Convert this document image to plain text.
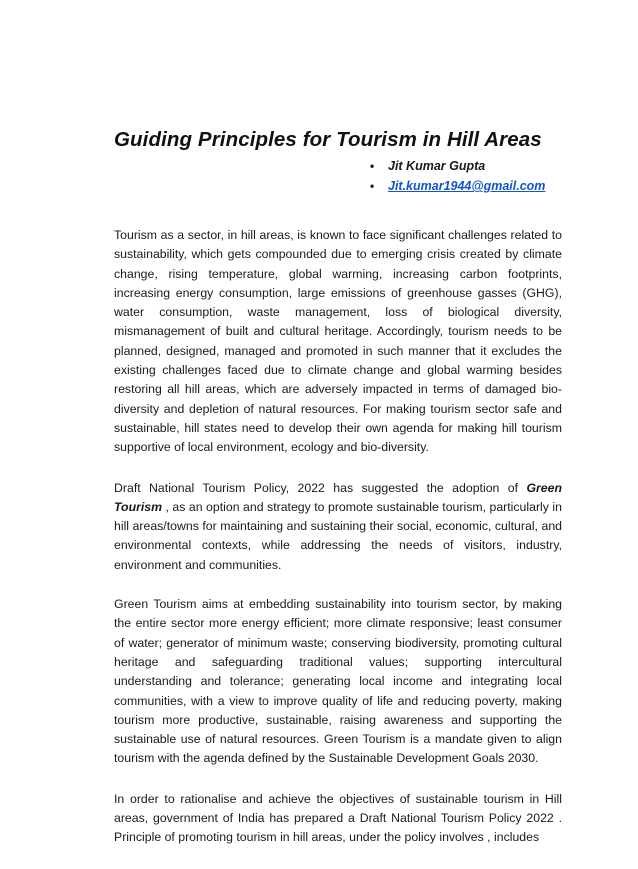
Guiding Principles for Tourism in Hill Areas
• Jit Kumar Gupta
• Jit.kumar1944@gmail.com

Tourism as a sector, in hill areas, is known to face significant challenges related to sustainability, which gets compounded due to emerging crisis created by climate change, rising temperature, global warming, increasing carbon footprints, increasing energy consumption, large emissions of greenhouse gasses (GHG), water consumption, waste management, loss of biological diversity, mismanagement of built and cultural heritage. Accordingly, tourism needs to be planned, designed, managed and promoted in such manner that it excludes the existing challenges faced due to climate change and global warming besides restoring all hill areas, which are adversely impacted in terms of damaged bio-diversity and depletion of natural resources. For making tourism sector safe and sustainable, hill states need to develop their own agenda for making hill tourism supportive of local environment, ecology and bio-diversity.

Draft National Tourism Policy, 2022 has suggested the adoption of Green Tourism , as an option and strategy to promote sustainable tourism, particularly in hill areas/towns for maintaining and sustaining their social, economic, cultural, and environmental contexts, while addressing the needs of visitors, industry, environment and communities.

Green Tourism aims at embedding sustainability into tourism sector, by making the entire sector more energy efficient; more climate responsive; least consumer of water; generator of minimum waste; conserving biodiversity, promoting cultural heritage and safeguarding traditional values; supporting intercultural understanding and tolerance; generating local income and integrating local communities, with a view to improve quality of life and reducing poverty, making tourism more productive, sustainable, raising awareness and supporting the sustainable use of natural resources. Green Tourism is a mandate given to align tourism with the agenda defined by the Sustainable Development Goals 2030.

In order to rationalise and achieve the objectives of sustainable tourism in Hill areas, government of India has prepared a Draft National Tourism Policy 2022 . Principle of promoting tourism in hill areas, under the policy involves , includes
